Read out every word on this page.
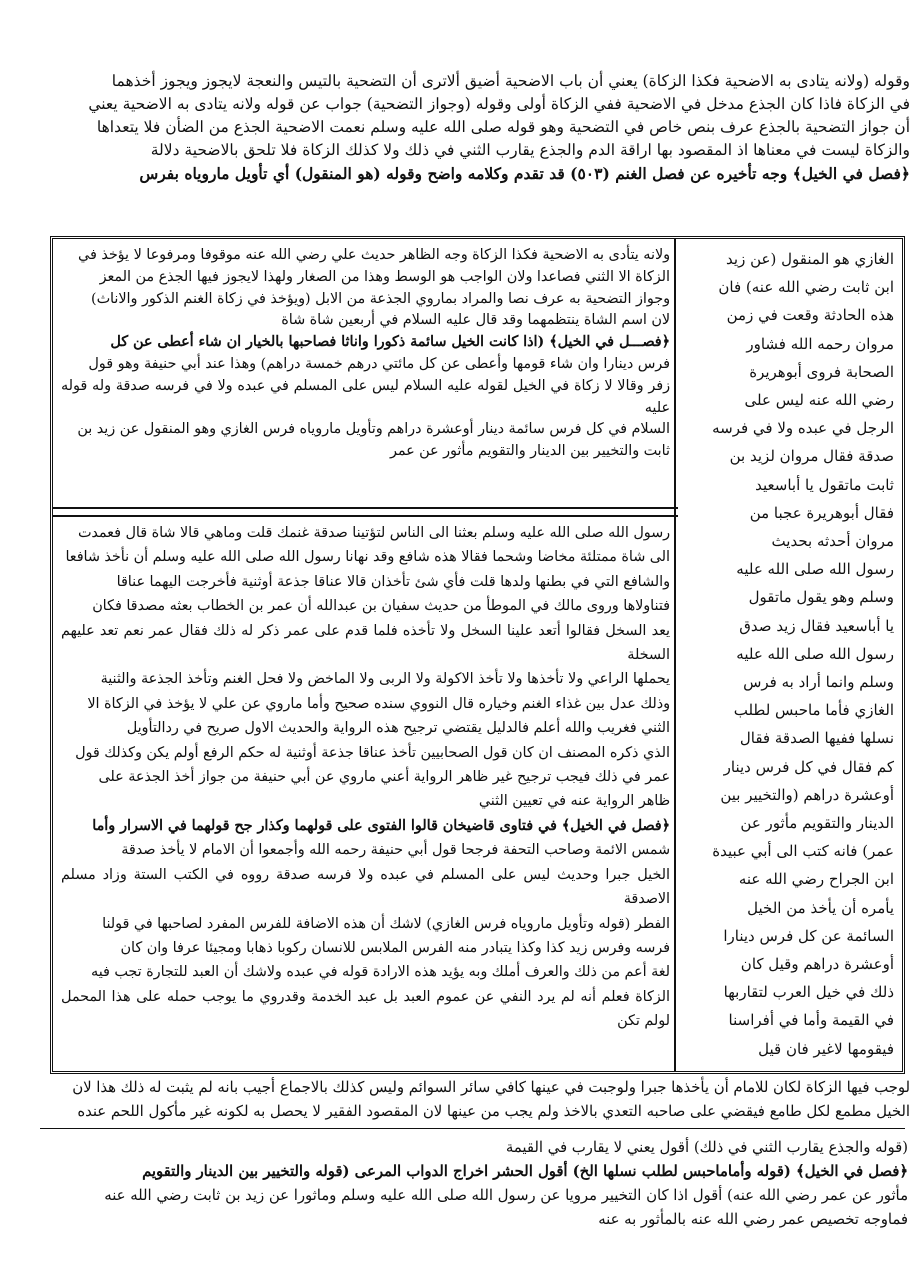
وقوله (ولانه يتادى به الاضحية فكذا الزكاة) يعني أن باب الاضحية أضيق ألاترى أن التضحية بالتيس والنعجة لايجوز ويجوز أخذهما

في الزكاة فاذا كان الجذع مدخل في الاضحية ففي الزكاة أولى وقوله (وجواز التضحية) جواب عن قوله ولانه يتادى به الاضحية يعني

أن جواز التضحية بالجذع عرف بنص خاص في التضحية وهو قوله صلى الله عليه وسلم نعمت الاضحية الجذع من الضأن فلا يتعداها

والزكاة ليست في معناها اذ المقصود بها اراقة الدم والجذع يقارب الثني في ذلك ولا كذلك الزكاة فلا تلحق بالاضحية دلالة

﴿فصل في الخيل﴾ وجه تأخيره عن فصل الغنم (٥٠٣) قد تقدم وكلامه واضح وقوله (هو المنقول) أي تأويل ماروياه بفرس

الغازي هو المنقول (عن زيد
ابن ثابت رضي الله عنه) فان
هذه الحادثة وقعت في زمن
مروان رحمه الله فشاور
الصحابة فروى أبوهريرة
رضي الله عنه ليس على
الرجل في عبده ولا في فرسه
صدقة فقال مروان لزيد بن
ثابت ماتقول يا أباسعيد
فقال أبوهريرة عجبا من
مروان أحدثه بحديث
رسول الله صلى الله عليه
وسلم وهو يقول ماتقول
يا أباسعيد فقال زيد صدق
رسول الله صلى الله عليه
وسلم وانما أراد به فرس
الغازي فأما ماحبس لطلب
نسلها ففيها الصدقة فقال
كم فقال في كل فرس دينار
أوعشرة دراهم (والتخيير بين
الدينار والتقويم مأثور عن
عمر) فانه كتب الى أبي عبيدة
ابن الجراح رضي الله عنه
يأمره أن يأخذ من الخيل
السائمة عن كل فرس دينارا
أوعشرة دراهم وقيل كان
ذلك في خيل العرب لتقاربها
في القيمة وأما في أفراسنا
فيقومها لاغير فان قيل
ولانه يتأدى به الاضحية فكذا الزكاة وجه الظاهر حديث علي رضي الله عنه موقوفا ومرفوعا لا يؤخذ في
الزكاة الا الثني فصاعدا ولان الواجب هو الوسط وهذا من الصغار ولهذا لايجوز فيها الجذع من المعز
وجواز التضحية به عرف نصا والمراد بماروي الجذعة من الابل (ويؤخذ في زكاة الغنم الذكور والاناث)
لان اسم الشاة ينتظمهما وقد قال عليه السلام في أربعين شاة شاة
﴿فصـــل في الخيل﴾ (اذا كانت الخيل سائمة ذكورا واناثا فصاحبها بالخيار ان شاء أعطى عن كل
فرس دينارا وان شاء قومها وأعطى عن كل مائتي درهم خمسة دراهم) وهذا عند أبي حنيفة وهو قول
زفر وقالا لا زكاة في الخيل لقوله عليه السلام ليس على المسلم في عبده ولا في فرسه صدقة وله قوله عليه
السلام في كل فرس سائمة دينار أوعشرة دراهم وتأويل ماروياه فرس الغازي وهو المنقول عن زيد بن
ثابت والتخيير بين الدينار والتقويم مأثور عن عمر
رسول الله صلى الله عليه وسلم بعثنا الى الناس لتؤتينا صدقة غنمك قلت وماهي قالا شاة قال فعمدت
الى شاة ممتلئة مخاضا وشحما فقالا هذه شافع وقد نهانا رسول الله صلى الله عليه وسلم أن نأخذ شافعا
والشافع التي في بطنها ولدها قلت فأي شئ تأخذان قالا عناقا جذعة أوثنية فأخرجت اليهما عناقا
فتناولاها وروى مالك في الموطأ من حديث سفيان بن عبدالله أن عمر بن الخطاب بعثه مصدقا فكان
يعد السخل فقالوا أتعد علينا السخل ولا تأخذه فلما قدم على عمر ذكر له ذلك فقال عمر نعم تعد عليهم السخلة
يحملها الراعي ولا تأخذها ولا تأخذ الاكولة ولا الربى ولا الماخض ولا فحل الغنم وتأخذ الجذعة والثنية
وذلك عدل بين غذاء الغنم وخياره قال النووي سنده صحيح وأما ماروي عن علي لا يؤخذ في الزكاة الا
الثني فغريب والله أعلم فالدليل يقتضي ترجيح هذه الرواية والحديث الاول صريح في ردالتأويل
الذي ذكره المصنف ان كان قول الصحابيين تأخذ عناقا جذعة أوثنية له حكم الرفع أولم يكن وكذلك قول
عمر في ذلك فيجب ترجيح غير ظاهر الرواية أعني ماروي عن أبي حنيفة من جواز أخذ الجذعة على
ظاهر الرواية عنه في تعيين الثني
﴿فصل في الخيل﴾ في فتاوى قاضيخان قالوا الفتوى على قولهما وكذار جح قولهما في الاسرار وأما
شمس الائمة وصاحب التحفة فرجحا قول أبي حنيفة رحمه الله وأجمعوا أن الامام لا يأخذ صدقة
الخيل جبرا وحديث ليس على المسلم في عبده ولا فرسه صدقة رووه في الكتب الستة وزاد مسلم الاصدقة
الفطر (قوله وتأويل ماروياه فرس الغازي) لاشك أن هذه الاضافة للفرس المفرد لصاحبها في قولنا
فرسه وفرس زيد كذا وكذا يتبادر منه الفرس الملابس للانسان ركوبا ذهابا ومجيئا عرفا وان كان
لغة أعم من ذلك والعرف أملك وبه يؤيد هذه الارادة قوله في عبده ولاشك أن العبد للتجارة تجب فيه
الزكاة فعلم أنه لم يرد النفي عن عموم العبد بل عبد الخدمة وقدروي ما يوجب حمله على هذا المحمل لولم تكن
لوجب فيها الزكاة لكان للامام أن يأخذها جبرا ولوجبت في عينها كافي سائر السوائم وليس كذلك بالاجماع أجيب بانه لم يثبت له ذلك هذا لان
الخيل مطمع لكل طامع فيقضي على صاحبه التعدي بالاخذ ولم يجب من عينها لان المقصود الفقير لا يحصل به لكونه غير مأكول اللحم عنده
(قوله والجذع يقارب الثني في ذلك) أقول يعني لا يقارب في القيمة
﴿فصل في الخيل﴾ (قوله وأماماحبس لطلب نسلها الخ) أقول الحشر اخراج الدواب المرعى (قوله والتخيير بين الدينار والتقويم
مأثور عن عمر رضي الله عنه) أقول اذا كان التخيير مرويا عن رسول الله صلى الله عليه وسلم وماثورا عن زيد بن ثابت رضي الله عنه
فماوجه تخصيص عمر رضي الله عنه بالمأثور به عنه
